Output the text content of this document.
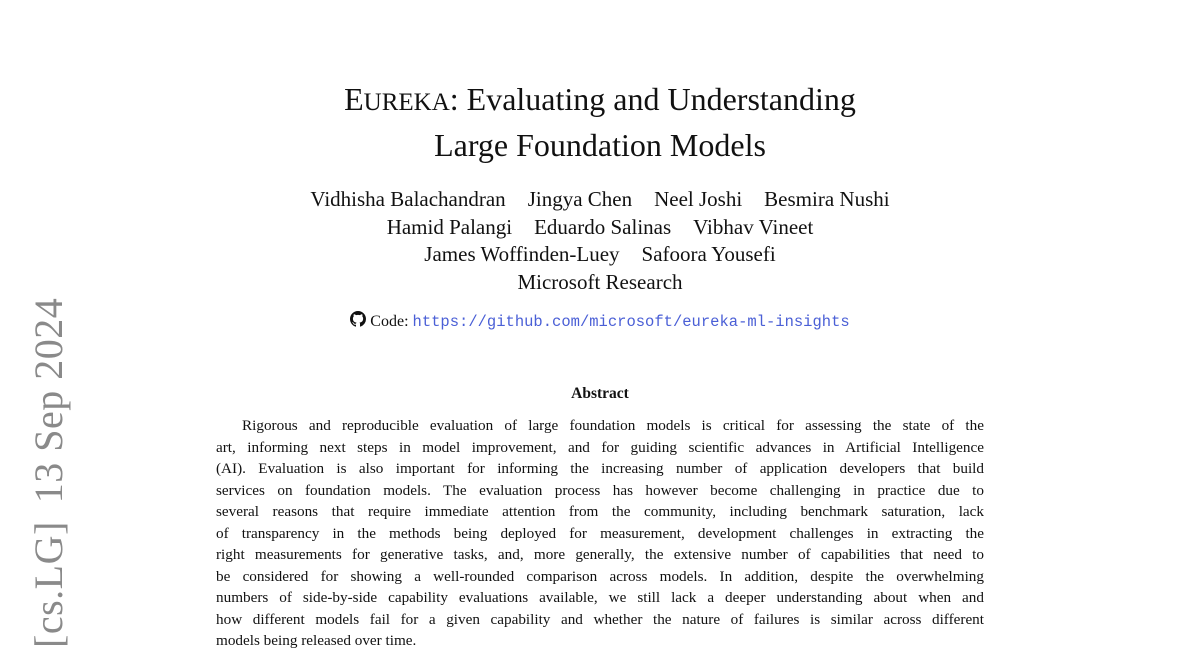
[cs.LG]13 Sep 2024
EUREKA: Evaluating and Understanding
Large Foundation Models
Vidhisha Balachandran Jingya Chen Neel Joshi Besmira Nushi
Hamid Palangi Eduardo Salinas Vibhav Vineet
James Woffinden-Luey Safoora Yousefi
Microsoft Research
Code: https://github.com/microsoft/eureka-ml-insights
Abstract
Rigorous and reproducible evaluation of large foundation models is critical for assessing the state of the
art, informing next steps in model improvement, and for guiding scientific advances in Artificial Intelligence
(AI). Evaluation is also important for informing the increasing number of application developers that build
services on foundation models. The evaluation process has however become challenging in practice due to
several reasons that require immediate attention from the community, including benchmark saturation, lack
of transparency in the methods being deployed for measurement, development challenges in extracting the
right measurements for generative tasks, and, more generally, the extensive number of capabilities that need to
be considered for showing a well-rounded comparison across models. In addition, despite the overwhelming
numbers of side-by-side capability evaluations available, we still lack a deeper understanding about when and
how different models fail for a given capability and whether the nature of failures is similar across different
models being released over time.
